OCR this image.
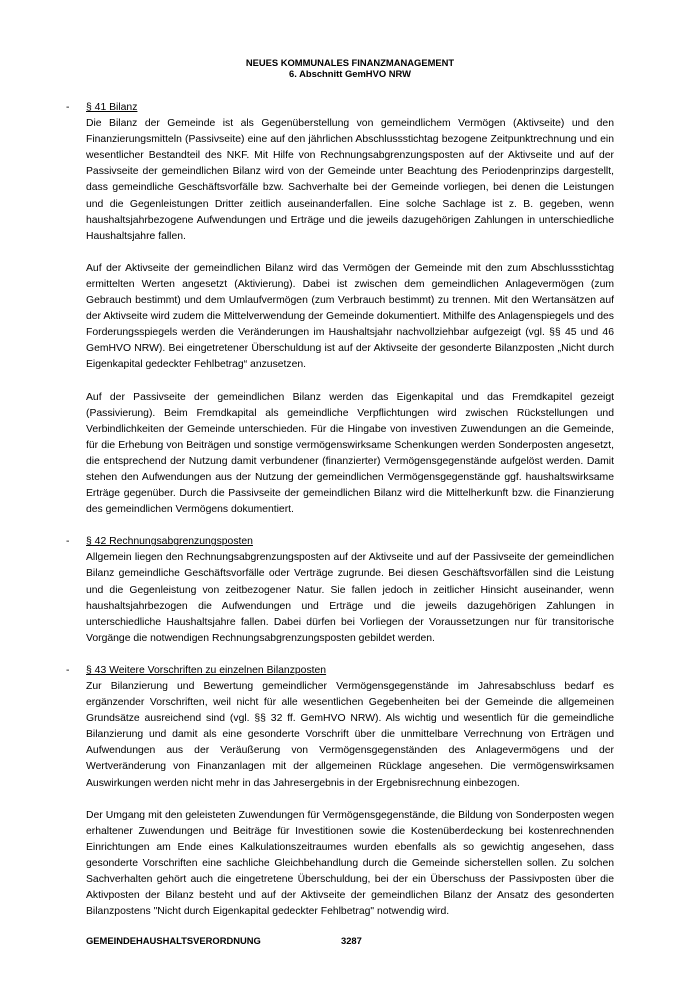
NEUES KOMMUNALES FINANZMANAGEMENT
6. Abschnitt GemHVO NRW
- § 41 Bilanz

Die Bilanz der Gemeinde ist als Gegenüberstellung von gemeindlichem Vermögen (Aktivseite) und den Finanzierungsmitteln (Passivseite) eine auf den jährlichen Abschlussstichtag bezogene Zeitpunktrechnung und ein wesentlicher Bestandteil des NKF. Mit Hilfe von Rechnungsabgrenzungsposten auf der Aktivseite und auf der Passivseite der gemeindlichen Bilanz wird von der Gemeinde unter Beachtung des Periodenprinzips dargestellt, dass gemeindliche Geschäftsvorfälle bzw. Sachverhalte bei der Gemeinde vorliegen, bei denen die Leistungen und die Gegenleistungen Dritter zeitlich auseinanderfallen. Eine solche Sachlage ist z. B. gegeben, wenn haushaltsjahrbezogene Aufwendungen und Erträge und die jeweils dazugehörigen Zahlungen in unterschiedliche Haushaltsjahre fallen.

Auf der Aktivseite der gemeindlichen Bilanz wird das Vermögen der Gemeinde mit den zum Abschlussstichtag ermittelten Werten angesetzt (Aktivierung). Dabei ist zwischen dem gemeindlichen Anlagevermögen (zum Gebrauch bestimmt) und dem Umlaufvermögen (zum Verbrauch bestimmt) zu trennen. Mit den Wertansätzen auf der Aktivseite wird zudem die Mittelverwendung der Gemeinde dokumentiert. Mithilfe des Anlagenspiegels und des Forderungsspiegels werden die Veränderungen im Haushaltsjahr nachvollziehbar aufgezeigt (vgl. §§ 45 und 46 GemHVO NRW). Bei eingetretener Überschuldung ist auf der Aktivseite der gesonderte Bilanzposten „Nicht durch Eigenkapital gedeckter Fehlbetrag“ anzusetzen.

Auf der Passivseite der gemeindlichen Bilanz werden das Eigenkapital und das Fremdkapitel gezeigt (Passivierung). Beim Fremdkapital als gemeindliche Verpflichtungen wird zwischen Rückstellungen und Verbindlichkeiten der Gemeinde unterschieden. Für die Hingabe von investiven Zuwendungen an die Gemeinde, für die Erhebung von Beiträgen und sonstige vermögenswirksame Schenkungen werden Sonderposten angesetzt, die entsprechend der Nutzung damit verbundener (finanzierter) Vermögensgegenstände aufgelöst werden. Damit stehen den Aufwendungen aus der Nutzung der gemeindlichen Vermögensgegenstände ggf. haushaltswirksame Erträge gegenüber. Durch die Passivseite der gemeindlichen Bilanz wird die Mittelherkunft bzw. die Finanzierung des gemeindlichen Vermögens dokumentiert.

- § 42 Rechnungsabgrenzungsposten

Allgemein liegen den Rechnungsabgrenzungsposten auf der Aktivseite und auf der Passivseite der gemeindlichen Bilanz gemeindliche Geschäftsvorfälle oder Verträge zugrunde. Bei diesen Geschäftsvorfällen sind die Leistung und die Gegenleistung von zeitbezogener Natur. Sie fallen jedoch in zeitlicher Hinsicht auseinander, wenn haushaltsjahrbezogen die Aufwendungen und Erträge und die jeweils dazugehörigen Zahlungen in unterschiedliche Haushaltsjahre fallen. Dabei dürfen bei Vorliegen der Voraussetzungen nur für transitorische Vorgänge die notwendigen Rechnungsabgrenzungsposten gebildet werden.

- § 43 Weitere Vorschriften zu einzelnen Bilanzposten

Zur Bilanzierung und Bewertung gemeindlicher Vermögensgegenstände im Jahresabschluss bedarf es ergänzender Vorschriften, weil nicht für alle wesentlichen Gegebenheiten bei der Gemeinde die allgemeinen Grundsätze ausreichend sind (vgl. §§ 32 ff. GemHVO NRW). Als wichtig und wesentlich für die gemeindliche Bilanzierung und damit als eine gesonderte Vorschrift über die unmittelbare Verrechnung von Erträgen und Aufwendungen aus der Veräußerung von Vermögensgegenständen des Anlagevermögens und der Wertveränderung von Finanzanlagen mit der allgemeinen Rücklage angesehen. Die vermögenswirksamen Auswirkungen werden nicht mehr in das Jahresergebnis in der Ergebnisrechnung einbezogen.

Der Umgang mit den geleisteten Zuwendungen für Vermögensgegenstände, die Bildung von Sonderposten wegen erhaltener Zuwendungen und Beiträge für Investitionen sowie die Kostenüberdeckung bei kostenrechnenden Einrichtungen am Ende eines Kalkulationszeitraumes wurden ebenfalls als so gewichtig angesehen, dass gesonderte Vorschriften eine sachliche Gleichbehandlung durch die Gemeinde sicherstellen sollen. Zu solchen Sachverhalten gehört auch die eingetretene Überschuldung, bei der ein Überschuss der Passivposten über die Aktivposten der Bilanz besteht und auf der Aktivseite der gemeindlichen Bilanz der Ansatz des gesonderten Bilanzpostens "Nicht durch Eigenkapital gedeckter Fehlbetrag" notwendig wird.

GEMEINDEHAUSHALTSVERORDNUNG	3287
